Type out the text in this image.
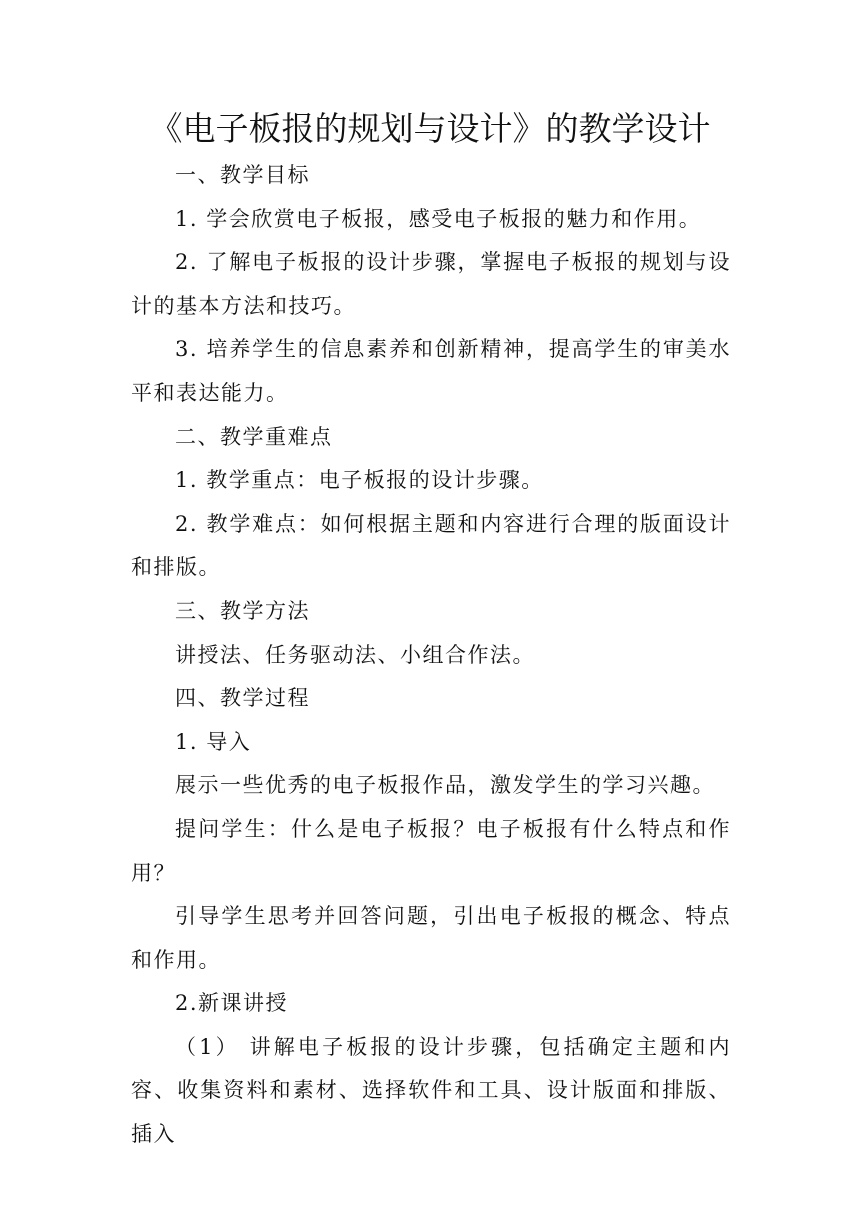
《电子板报的规划与设计》的教学设计

一、教学目标

1. 学会欣赏电子板报，感受电子板报的魅力和作用。

2. 了解电子板报的设计步骤，掌握电子板报的规划与设计的基本方法和技巧。

3. 培养学生的信息素养和创新精神，提高学生的审美水平和表达能力。

二、教学重难点

1. 教学重点：电子板报的设计步骤。

2. 教学难点：如何根据主题和内容进行合理的版面设计和排版。

三、教学方法

讲授法、任务驱动法、小组合作法。

四、教学过程

1. 导入

展示一些优秀的电子板报作品，激发学生的学习兴趣。

提问学生：什么是电子板报？电子板报有什么特点和作用？

引导学生思考并回答问题，引出电子板报的概念、特点和作用。

2.新课讲授

（1） 讲解电子板报的设计步骤，包括确定主题和内容、收集资料和素材、选择软件和工具、设计版面和排版、插入
